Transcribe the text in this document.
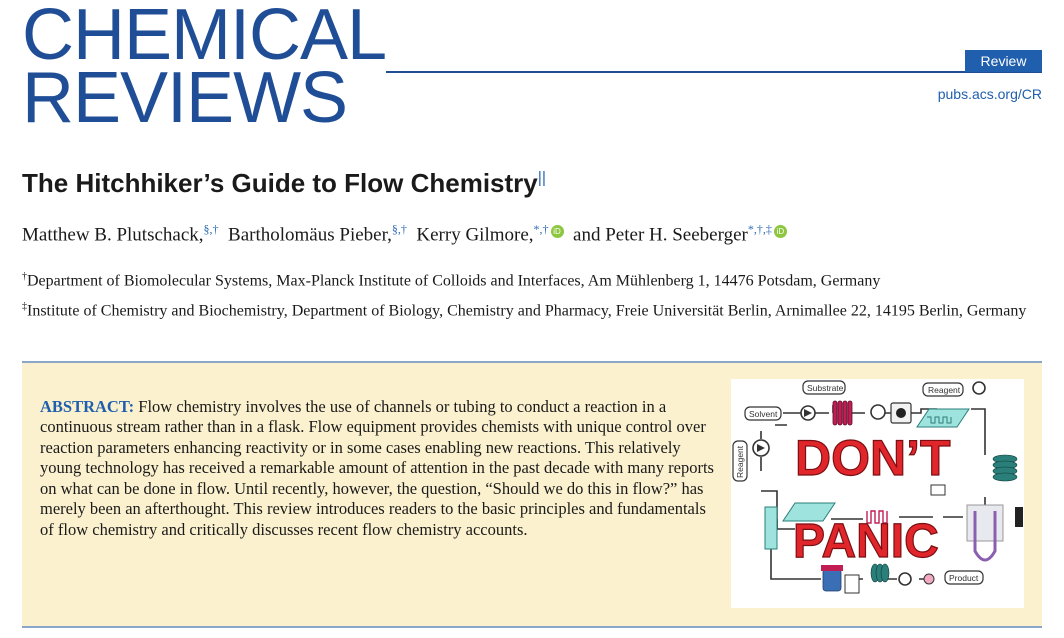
CHEMICAL
REVIEWS	Review
pubs.acs.org/CR
The Hitchhiker’s Guide to Flow Chemistry||
Matthew B. Plutschack,§,† Bartholomäus Pieber,§,† Kerry Gilmore,*,† iD and Peter H. Seeberger*,†,‡ iD
†Department of Biomolecular Systems, Max-Planck Institute of Colloids and Interfaces, Am Mühlenberg 1, 14476 Potsdam, Germany
‡Institute of Chemistry and Biochemistry, Department of Biology, Chemistry and Pharmacy, Freie Universität Berlin, Arnimallee 22, 14195 Berlin, Germany

ABSTRACT: Flow chemistry involves the use of channels or tubing to conduct a reaction in a continuous stream rather than in a flask. Flow equipment provides chemists with unique control over reaction parameters enhancing reactivity or in some cases enabling new reactions. This relatively young technology has received a remarkable amount of attention in the past decade with many reports on what can be done in flow. Until recently, however, the question, “Should we do this in flow?” has merely been an afterthought. This review introduces readers to the basic principles and fundamentals of flow chemistry and critically discusses recent flow chemistry accounts.

Substrate	Reagent
Solvent
Reagent
Product
DON’T
PANIC
